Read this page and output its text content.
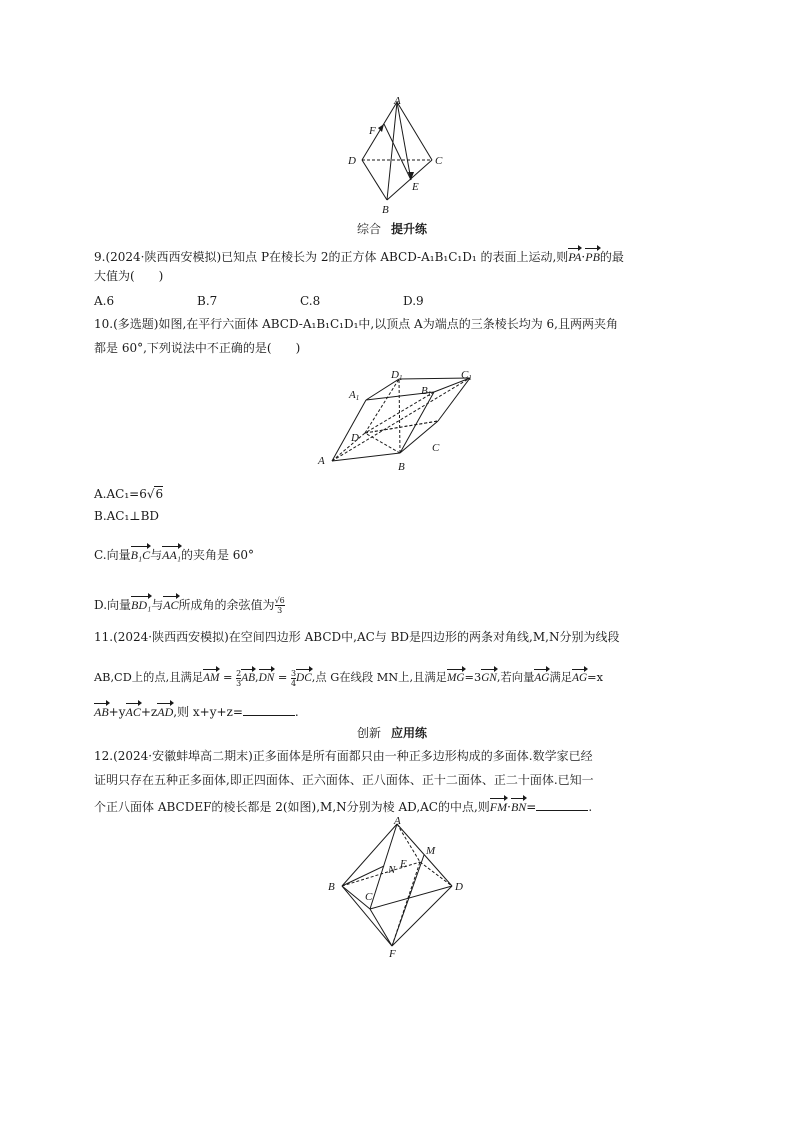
A
F
D	C
E
B
综合 提升练
9.(2024·陕西西安模拟)已知点 P在棱长为 2的正方体 ABCD-A₁B₁C₁D₁ 的表面上运动,则PA·PB的最
大值为(　　)
A.6	B.7	C.8	D.9
10.(多选题)如图,在平行六面体 ABCD-A₁B₁C₁D₁中,以顶点 A为端点的三条棱长均为 6,且两两夹角
都是 60°,下列说法中不正确的是(　　)
A	B
C
D
A1
B1
C1
D1
A.AC₁=6√6
B.AC₁⊥BD
C.向量B₁C与AA₁的夹角是 60°
D.向量BD₁与AC所成角的余弦值为 $\frac{√6}{3}$
11.(2024·陕西西安模拟)在空间四边形 ABCD中,AC与 BD是四边形的两条对角线,M,N分别为线段
AB,CD上的点,且满足AM = $\frac{2}{3} AB,DN = \frac{3}{4}$ DC,点 G在线段 MN上,且满足MG=3GN,若向量AG满足AG=x
AB+yAC+zAD,则 x+y+z=	.
创新 应用练
12.(2024·安徽蚌埠高二期末)正多面体是所有面都只由一种正多边形构成的多面体.数学家已经
证明只存在五种正多面体,即正四面体、正六面体、正八面体、正十二面体、正二十面体.已知一
个正八面体 ABCDEF的棱长都是 2(如图),M,N分别为棱 AD,AC的中点,则FM·BN=	.
A
M
E
N
B	D
C
F
